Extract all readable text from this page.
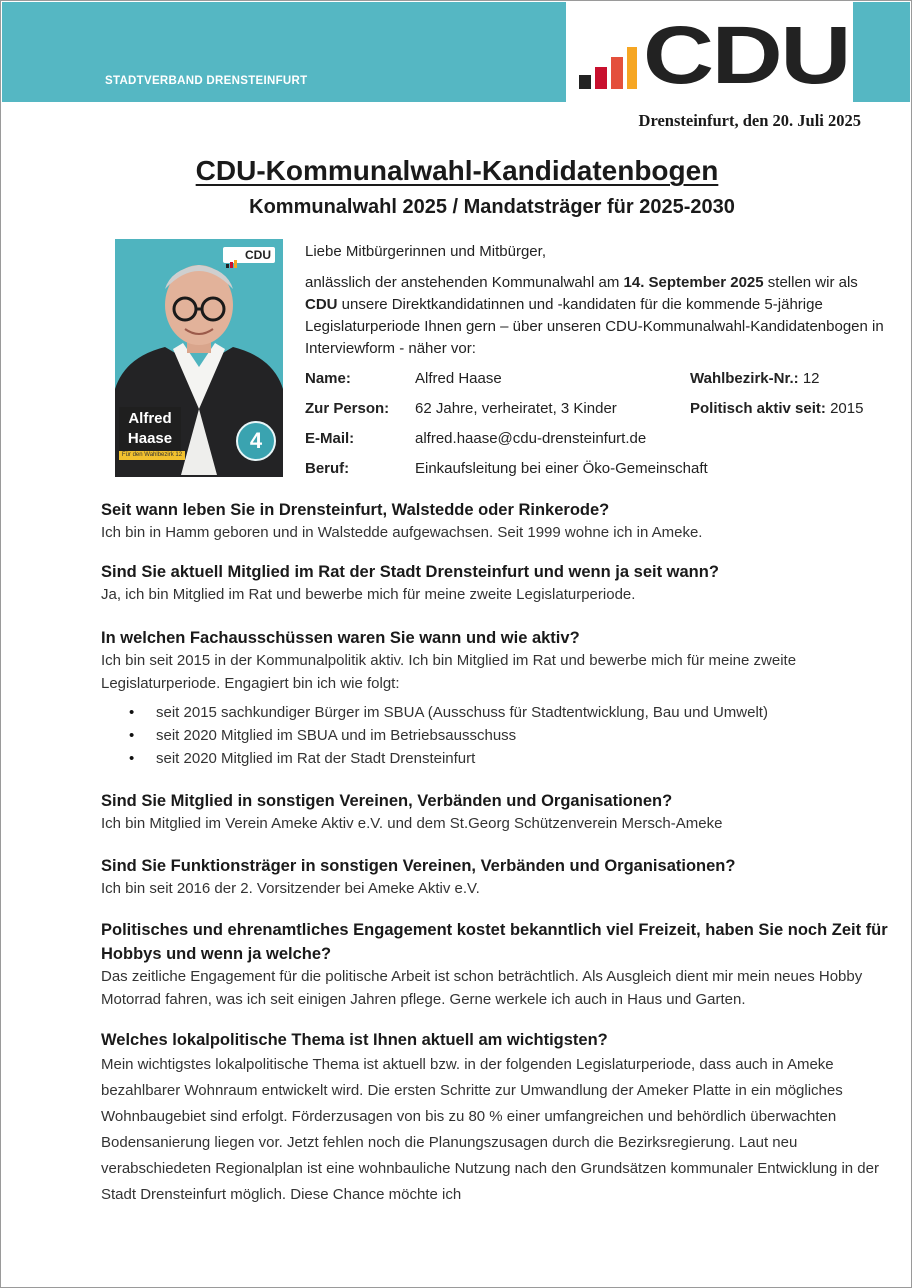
STADTVERBAND DRENSTEINFURT	CDU
Drensteinfurt, den 20. Juli 2025
CDU-Kommunalwahl-Kandidatenbogen
Kommunalwahl 2025 / Mandatsträger für 2025-2030
CDU
Alfred
Haase
Für den Wahlbezirk 12
4

Liebe Mitbürgerinnen und Mitbürger,

anlässlich der anstehenden Kommunalwahl am 14. September 2025 stellen wir als CDU unsere Direktkandidatinnen und -kandidaten für die kommende 5-jährige Legislaturperiode Ihnen gern – über unseren CDU-Kommunalwahl-Kandidatenbogen in Interviewform - näher vor:

Name:	Alfred Haase	Wahlbezirk-Nr.: 12
Zur Person: 62 Jahre, verheiratet, 3 Kinder	Politisch aktiv seit: 2015
E-Mail:	alfred.haase@cdu-drensteinfurt.de
Beruf:	Einkaufsleitung bei einer Öko-Gemeinschaft
Seit wann leben Sie in Drensteinfurt, Walstedde oder Rinkerode?
Ich bin in Hamm geboren und in Walstedde aufgewachsen. Seit 1999 wohne ich in Ameke.
Sind Sie aktuell Mitglied im Rat der Stadt Drensteinfurt und wenn ja seit wann?
Ja, ich bin Mitglied im Rat und bewerbe mich für meine zweite Legislaturperiode.
In welchen Fachausschüssen waren Sie wann und wie aktiv?
Ich bin seit 2015 in der Kommunalpolitik aktiv. Ich bin Mitglied im Rat und bewerbe mich für meine zweite Legislaturperiode. Engagiert bin ich wie folgt:
• seit 2015 sachkundiger Bürger im SBUA (Ausschuss für Stadtentwicklung, Bau und Umwelt)
• seit 2020 Mitglied im SBUA und im Betriebsausschuss
• seit 2020 Mitglied im Rat der Stadt Drensteinfurt
Sind Sie Mitglied in sonstigen Vereinen, Verbänden und Organisationen?
Ich bin Mitglied im Verein Ameke Aktiv e.V. und dem St.Georg Schützenverein Mersch-Ameke
Sind Sie Funktionsträger in sonstigen Vereinen, Verbänden und Organisationen?
Ich bin seit 2016 der 2. Vorsitzender bei Ameke Aktiv e.V.
Politisches und ehrenamtliches Engagement kostet bekanntlich viel Freizeit, haben Sie noch Zeit für Hobbys und wenn ja welche?
Das zeitliche Engagement für die politische Arbeit ist schon beträchtlich. Als Ausgleich dient mir mein neues Hobby Motorrad fahren, was ich seit einigen Jahren pflege. Gerne werkele ich auch in Haus und Garten.
Welches lokalpolitische Thema ist Ihnen aktuell am wichtigsten?
Mein wichtigstes lokalpolitische Thema ist aktuell bzw. in der folgenden Legislaturperiode, dass auch in Ameke bezahlbarer Wohnraum entwickelt wird. Die ersten Schritte zur Umwandlung der Ameker Platte in ein mögliches Wohnbaugebiet sind erfolgt. Förderzusagen von bis zu 80 % einer umfangreichen und behördlich überwachten Bodensanierung liegen vor. Jetzt fehlen noch die Planungszusagen durch die Bezirksregierung. Laut neu verabschiedeten Regionalplan ist eine wohnbauliche Nutzung nach den Grundsätzen kommunaler Entwicklung in der Stadt Drensteinfurt möglich. Diese Chance möchte ich
